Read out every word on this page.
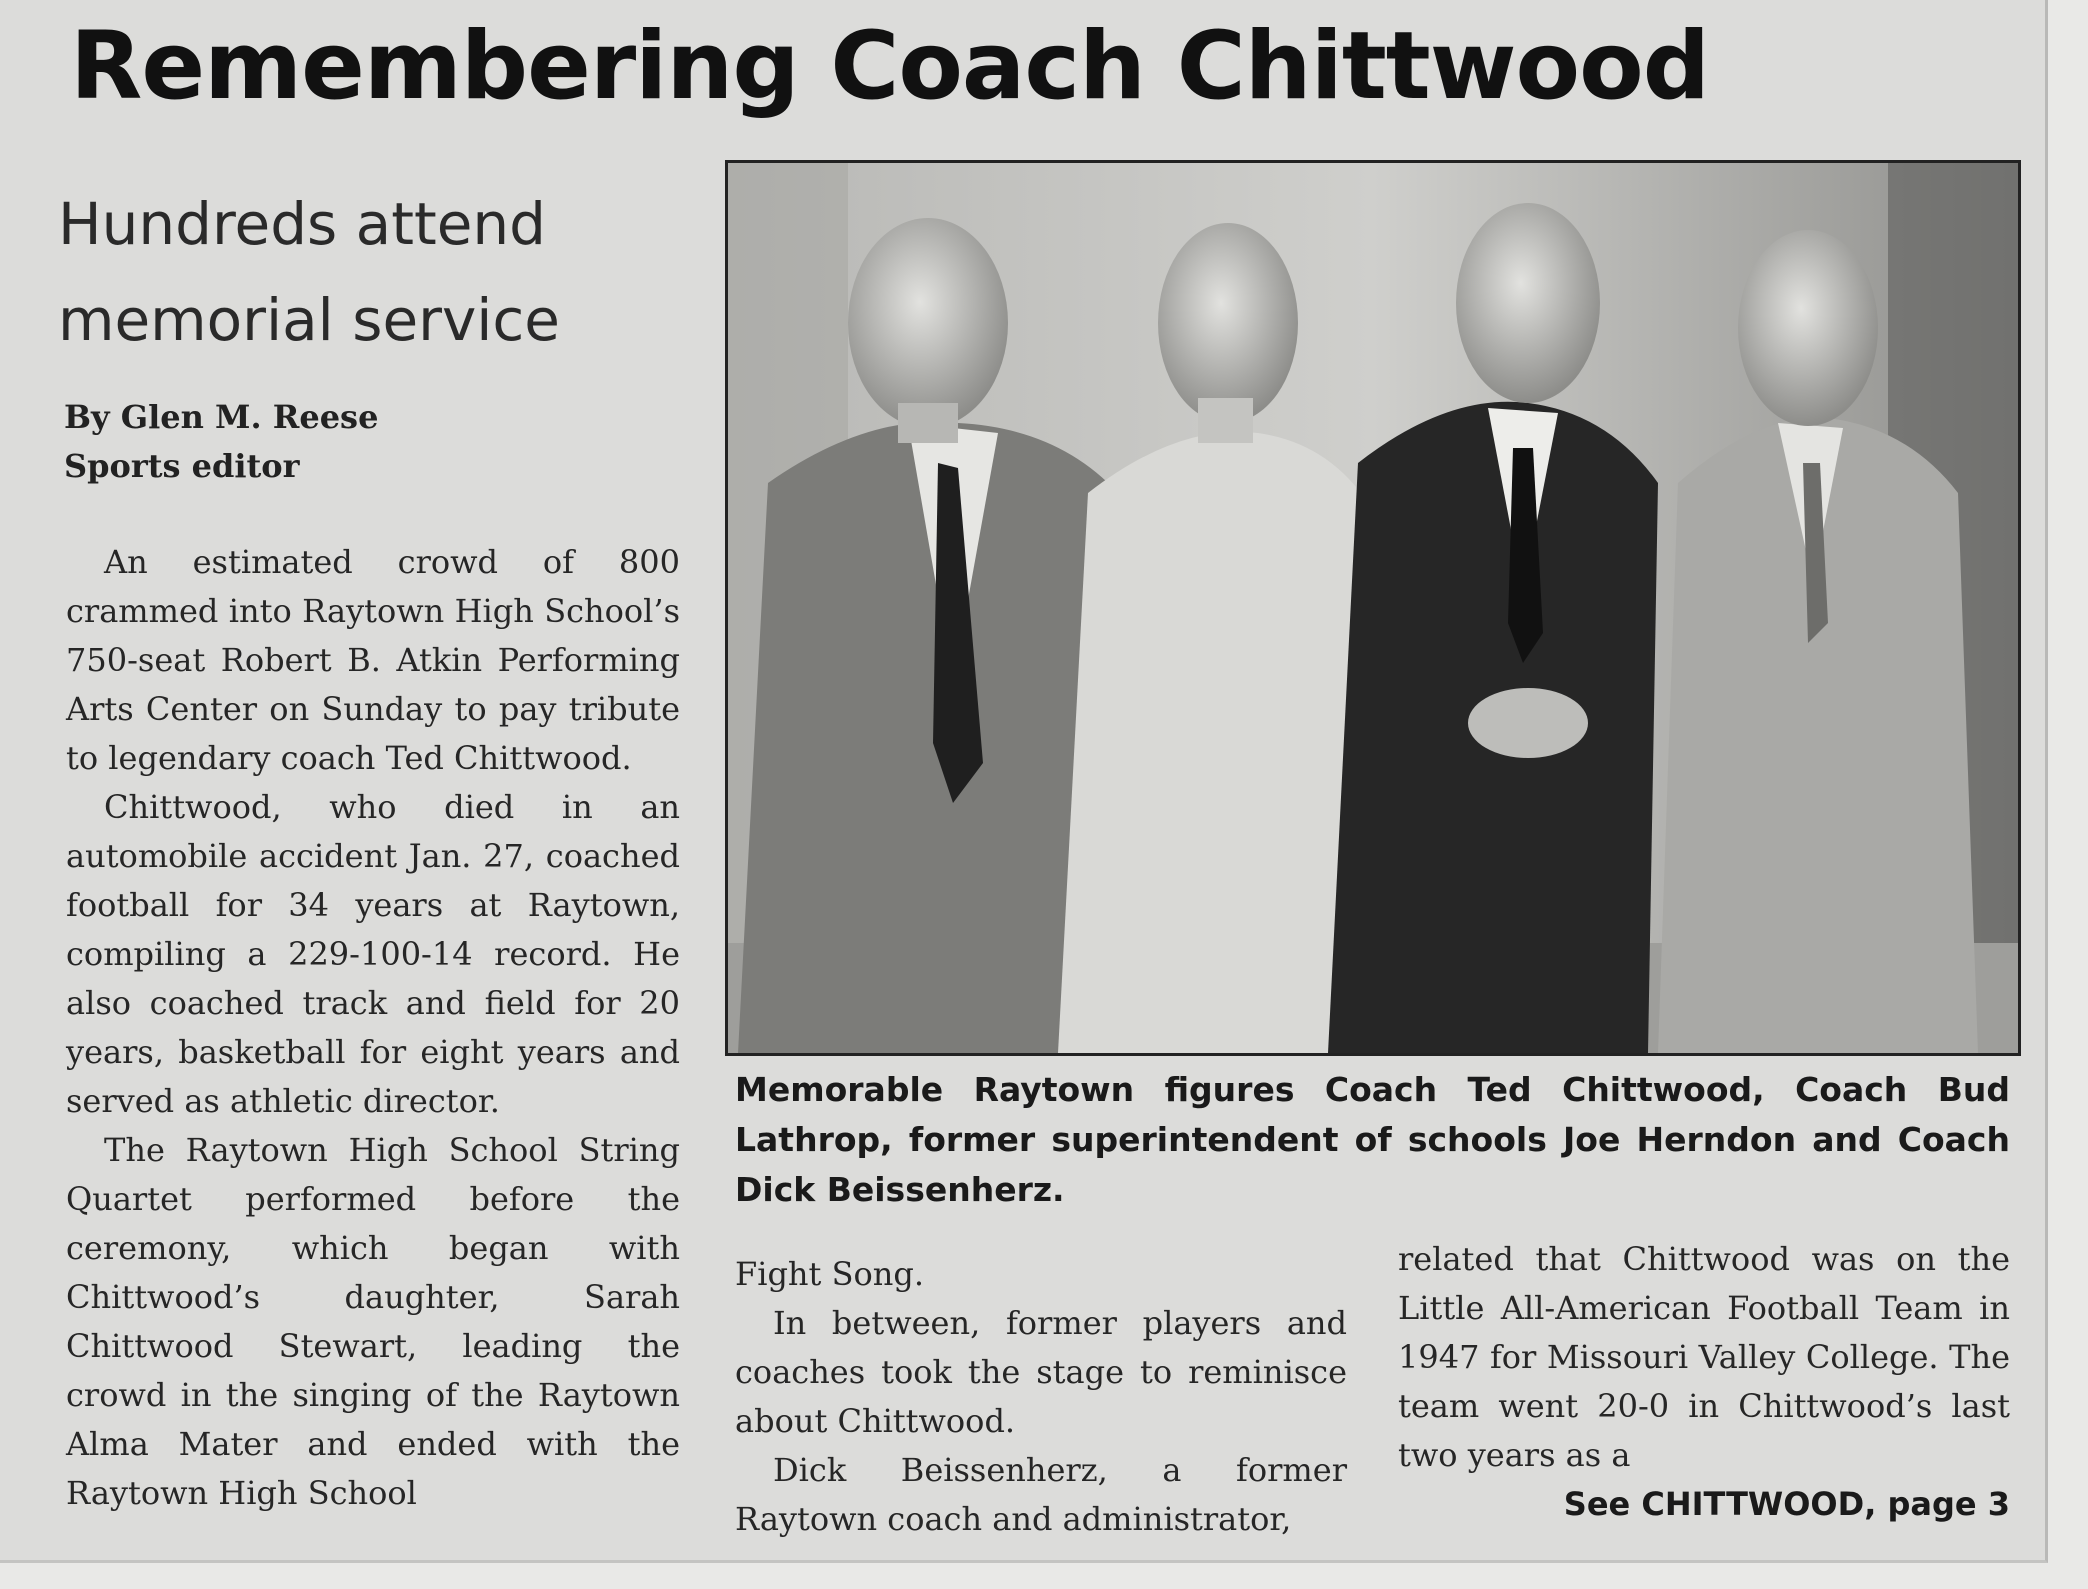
Remembering Coach Chittwood
Hundreds attend
memorial service
By Glen M. Reese
Sports editor

An estimated crowd of 800 crammed into Raytown High School’s 750-seat Robert B. Atkin Performing Arts Center on Sunday to pay tribute to legendary coach Ted Chittwood.

Chittwood, who died in an automobile accident Jan. 27, coached football for 34 years at Raytown, compiling a 229-100-14 record. He also coached track and field for 20 years, basketball for eight years and served as athletic director.

The Raytown High School String Quartet performed before the ceremony, which began with Chittwood’s daughter, Sarah Chittwood Stewart, leading the crowd in the singing of the Raytown Alma Mater and ended with the Raytown High School

Memorable Raytown figures Coach Ted Chittwood, Coach Bud Lathrop, former superintendent of schools Joe Herndon and Coach Dick Beissenherz.

Fight Song.

In between, former players and coaches took the stage to reminisce about Chittwood.

Dick Beissenherz, a former Raytown coach and administrator,

related that Chittwood was on the Little All-American Football Team in 1947 for Missouri Valley College. The team went 20-0 in Chittwood’s last two years as a

See CHITTWOOD, page 3
